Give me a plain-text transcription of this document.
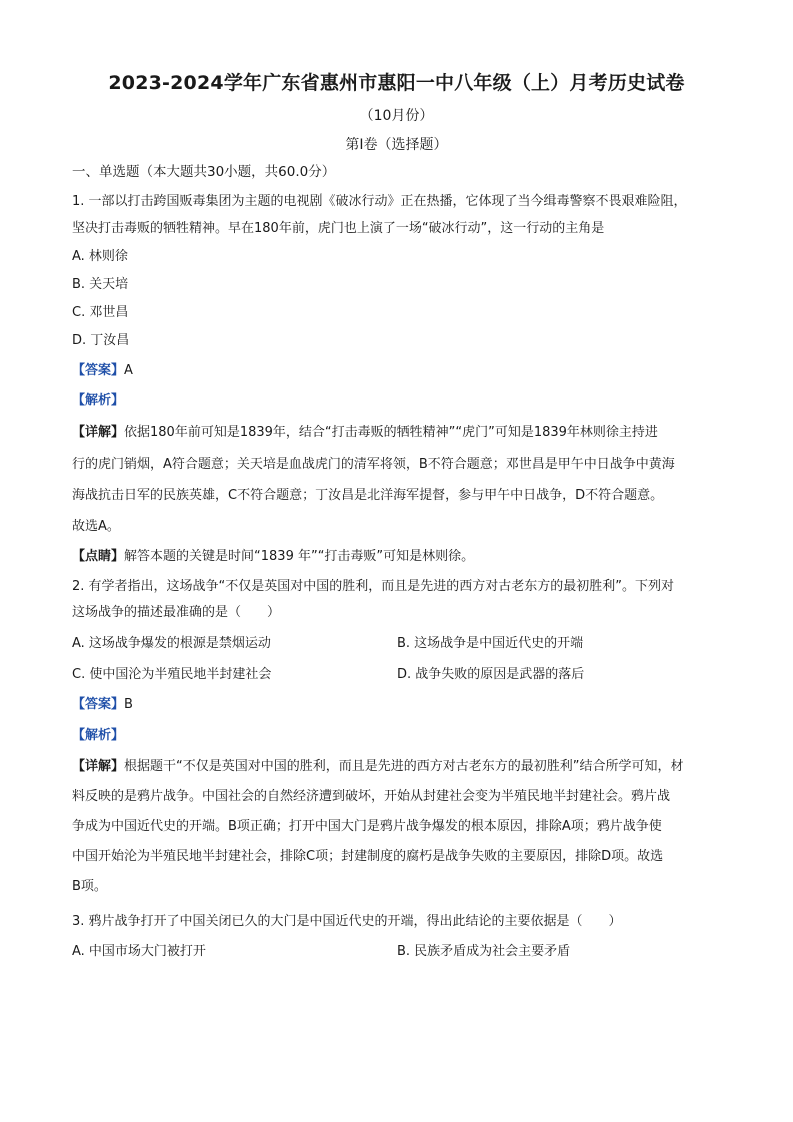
2023-2024学年广东省惠州市惠阳一中八年级（上）月考历史试卷
（10月份）
第Ⅰ卷（选择题）
一、单选题（本大题共30小题，共60.0分）
1. 一部以打击跨国贩毒集团为主题的电视剧《破冰行动》正在热播，它体现了当今缉毒警察不畏艰难险阻，
坚决打击毒贩的牺牲精神。早在180年前，虎门也上演了一场“破冰行动”，这一行动的主角是
A. 林则徐
B. 关天培
C. 邓世昌
D. 丁汝昌
【答案】A
【解析】
【详解】依据180年前可知是1839年，结合“打击毒贩的牺牲精神”“虎门”可知是1839年林则徐主持进
行的虎门销烟，A符合题意；关天培是血战虎门的清军将领，B不符合题意；邓世昌是甲午中日战争中黄海
海战抗击日军的民族英雄，C不符合题意；丁汝昌是北洋海军提督，参与甲午中日战争，D不符合题意。
故选A。
【点睛】解答本题的关键是时间“1839 年”“打击毒贩”可知是林则徐。
2. 有学者指出，这场战争“不仅是英国对中国的胜利，而且是先进的西方对古老东方的最初胜利”。下列对
这场战争的描述最准确的是（　　）
A. 这场战争爆发的根源是禁烟运动	B. 这场战争是中国近代史的开端
C. 使中国沦为半殖民地半封建社会	D. 战争失败的原因是武器的落后
【答案】B
【解析】
【详解】根据题干“不仅是英国对中国的胜利，而且是先进的西方对古老东方的最初胜利”结合所学可知，材
料反映的是鸦片战争。中国社会的自然经济遭到破坏，开始从封建社会变为半殖民地半封建社会。鸦片战
争成为中国近代史的开端。B项正确；打开中国大门是鸦片战争爆发的根本原因，排除A项；鸦片战争使
中国开始沦为半殖民地半封建社会，排除C项；封建制度的腐朽是战争失败的主要原因，排除D项。故选
B项。
3. 鸦片战争打开了中国关闭已久的大门是中国近代史的开端，得出此结论的主要依据是（　　）
A. 中国市场大门被打开	B. 民族矛盾成为社会主要矛盾
